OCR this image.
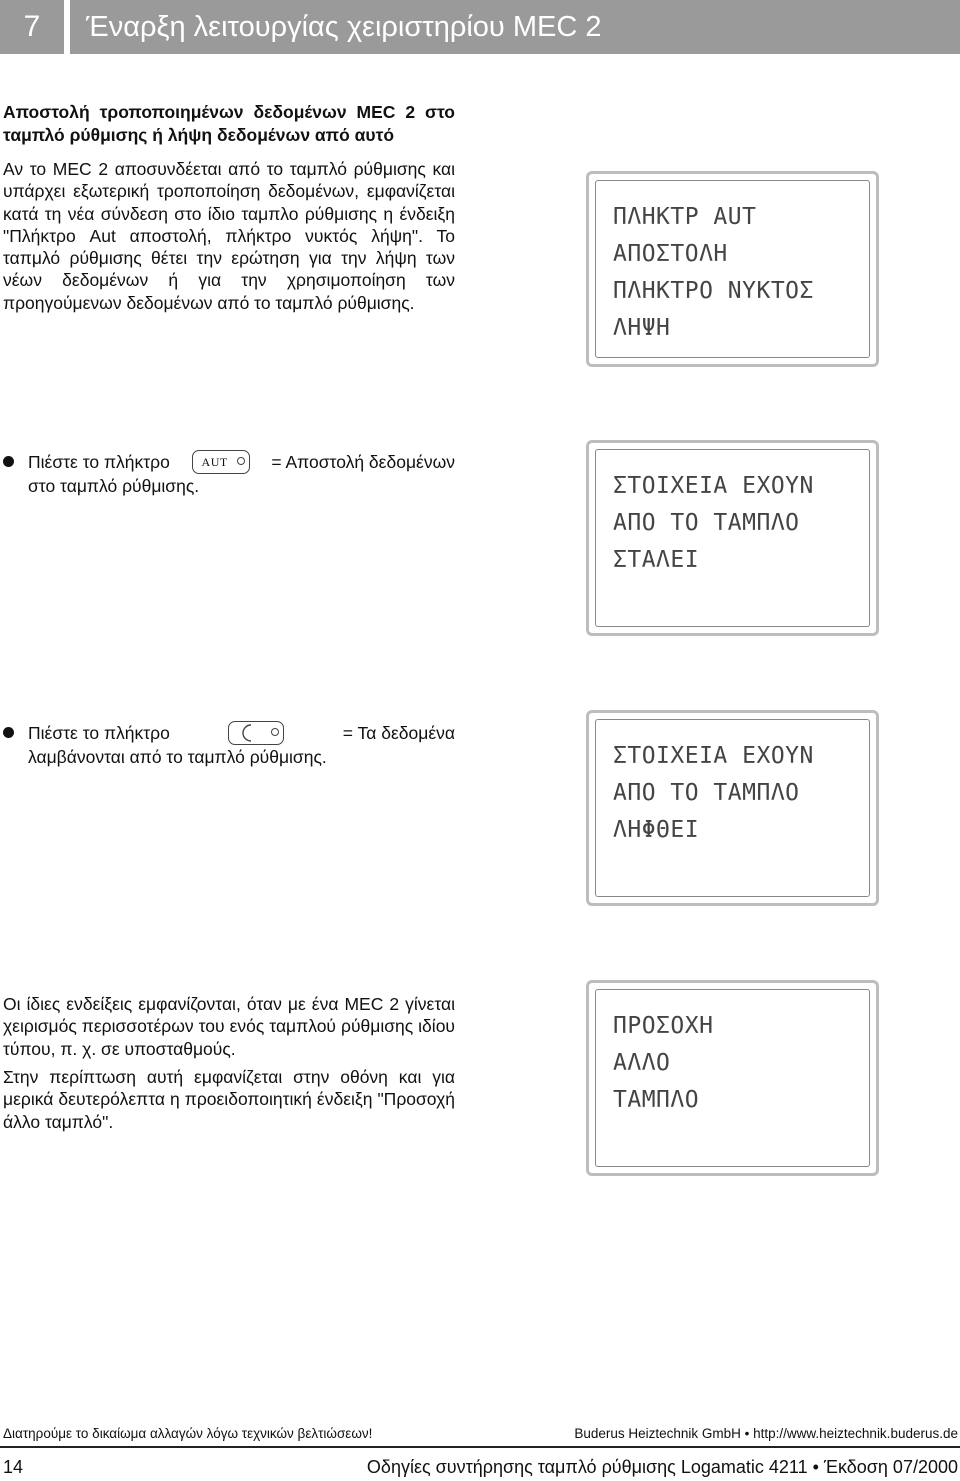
7	Έναρξη λειτουργίας χειριστηρίου MEC 2
Αποστολή τροποποιημένων δεδομένων MEC 2 στο ταμπλό ρύθμισης ή λήψη δεδομένων από αυτό
Αν το MEC 2 αποσυνδέεται από το ταμπλό ρύθμισης και υπάρχει εξωτερική τροποποίηση δεδομένων, εμφανίζεται κατά τη νέα σύνδεση στο ίδιο ταμπλο ρύθμισης η ένδειξη "Πλήκτρο Aut αποστολή, πλήκτρο νυκτός λήψη". Το ταπμλό ρύθμισης θέτει την ερώτηση για την λήψη των νέων δεδομένων ή για την χρησιμοποίηση των προηγούμενων δεδομένων από το ταμπλό ρύθμισης.
Πιέστε το πλήκτρο	AUT = Αποστολή δεδομένων
στο ταμπλό ρύθμισης.
Πιέστε το πλήκτρο	= Τα δεδομένα
λαμβάνονται από το ταμπλό ρύθμισης.
Οι ίδιες ενδείξεις εμφανίζονται, όταν με ένα MEC 2 γίνεται χειρισμός περισσοτέρων του ενός ταμπλού ρύθμισης ιδίου τύπου, π. χ. σε υποσταθμούς.
Στην περίπτωση αυτή εμφανίζεται στην οθόνη και για μερικά δευτερόλεπτα η προειδοποιητική ένδειξη "Προσοχή άλλο ταμπλό".
ΠΛΗΚΤΡ AUT
ΑΠΟΣΤΟΛΗ
ΠΛΗΚΤΡΟ ΝΥΚΤΟΣ
ΛΗΨΗ
ΣΤΟΙΧΕΙΑ ΕΧΟΥΝ
ΑΠΟ ΤΟ ΤΑΜΠΛΟ
ΣΤΑΛΕΙ
ΣΤΟΙΧΕΙΑ ΕΧΟΥΝ
ΑΠΟ ΤΟ ΤΑΜΠΛΟ
ΛΗΦΘΕΙ
ΠΡΟΣΟΧΗ
ΑΛΛΟ
ΤΑΜΠΛΟ
Διατηρούμε το δικαίωμα αλλαγών λόγω τεχνικών βελτιώσεων!	Buderus Heiztechnik GmbH • http://www.heiztechnik.buderus.de
14	Οδηγίες συντήρησης ταμπλό ρύθμισης Logamatic 4211 • Έκδοση 07/2000
